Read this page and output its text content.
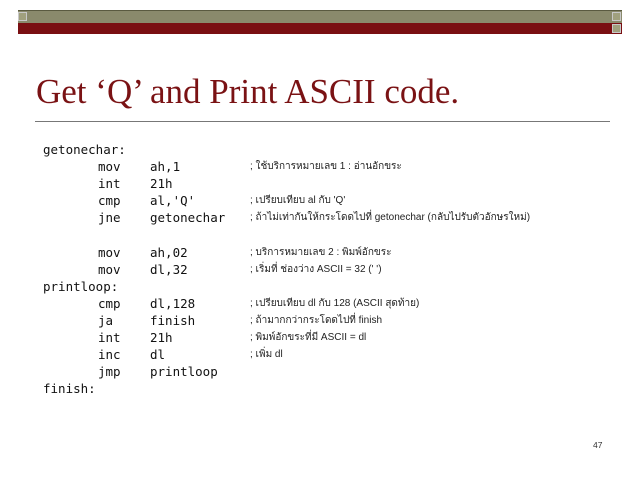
Get ‘Q’ and Print ASCII code.
getonechar:
mov ah,1	; ใช้บริการหมายเลข 1 : อ่านอักขระ
int 21h
cmp al,'Q'	; เปรียบเทียบ al กับ 'Q'
jne getonechar ; ถ้าไม่เท่ากันให้กระโดดไปที่ getonechar (กลับไปรับตัวอักษรใหม่)
mov ah,02	; บริการหมายเลข 2 : พิมพ์อักขระ
mov dl,32	; เริ่มที่ ช่องว่าง ASCII = 32 (' ')
printloop:
cmp dl,128	; เปรียบเทียบ dl กับ 128 (ASCII สุดท้าย)
ja	finish	; ถ้ามากกว่ากระโดดไปที่ finish
int 21h	; พิมพ์อักขระที่มี ASCII = dl
inc dl	; เพิ่ม dl
jmp printloop
finish:
47
